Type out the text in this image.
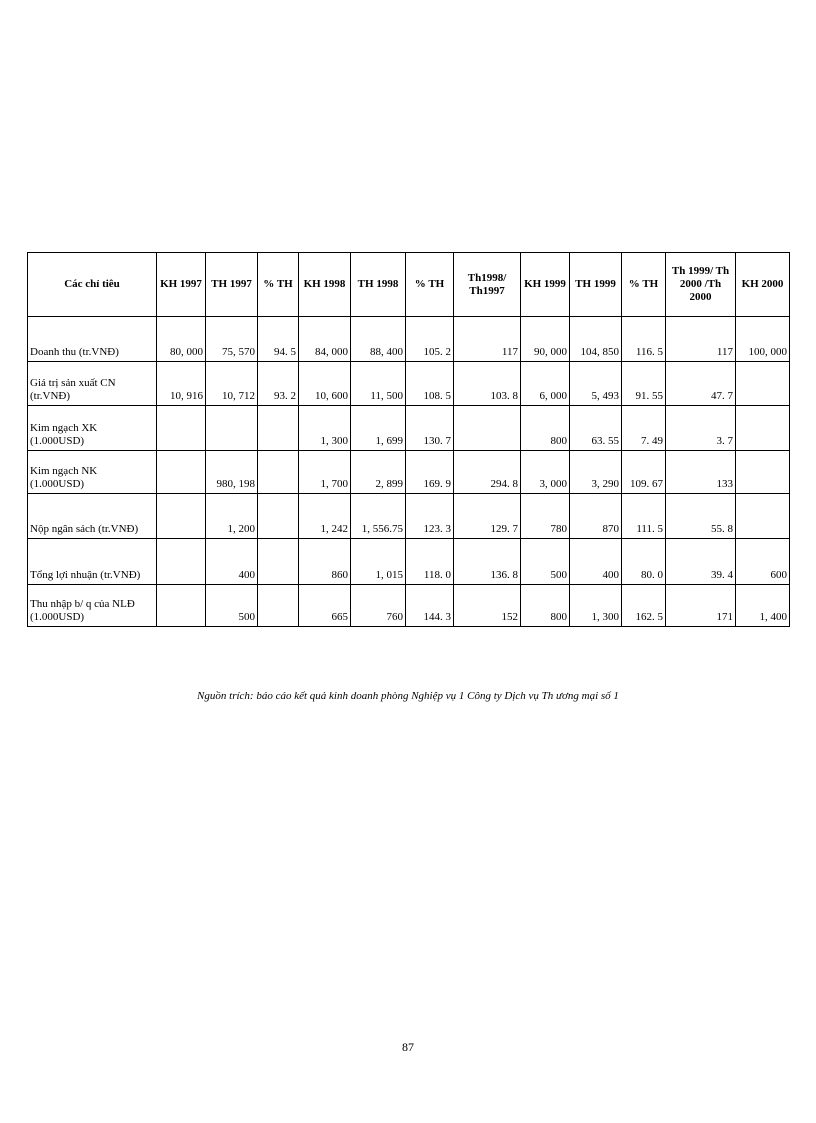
Các chỉ tiêu	KH 1997	TH 1997	% TH	KH 1998	TH 1998	% TH	Th1998/ Th1997	KH 1999	TH 1999	% TH	Th 1999/ Th 2000 /Th 2000	KH 2000
Doanh thu (tr.VNĐ)	80, 000	75, 570	94. 5	84, 000	88, 400	105. 2	117	90, 000	104, 850	116. 5	117	100, 000
Giá trị sản xuất CN (tr.VNĐ)	10, 916	10, 712	93. 2	10, 600	11, 500	108. 5	103. 8	6, 000	5, 493	91. 55	47. 7	
Kim ngạch XK (1.000USD)				1, 300	1, 699	130. 7		800	63. 55	7. 49	3. 7	
Kim ngạch NK (1.000USD)		980, 198		1, 700	2, 899	169. 9	294. 8	3, 000	3, 290	109. 67	133	
Nộp ngân sách (tr.VNĐ)		1, 200		1, 242	1, 556.75	123. 3	129. 7	780	870	111. 5	55. 8	
Tổng lợi nhuận (tr.VNĐ)		400		860	1, 015	118. 0	136. 8	500	400	80. 0	39. 4	600
Thu nhập b/ q của NLĐ (1.000USD)		500		665	760	144. 3	152	800	1, 300	162. 5	171	1, 400
Nguồn trích: báo cáo kết quả kinh doanh phòng Nghiệp vụ 1 Công ty Dịch vụ Th ương mại số 1
87
